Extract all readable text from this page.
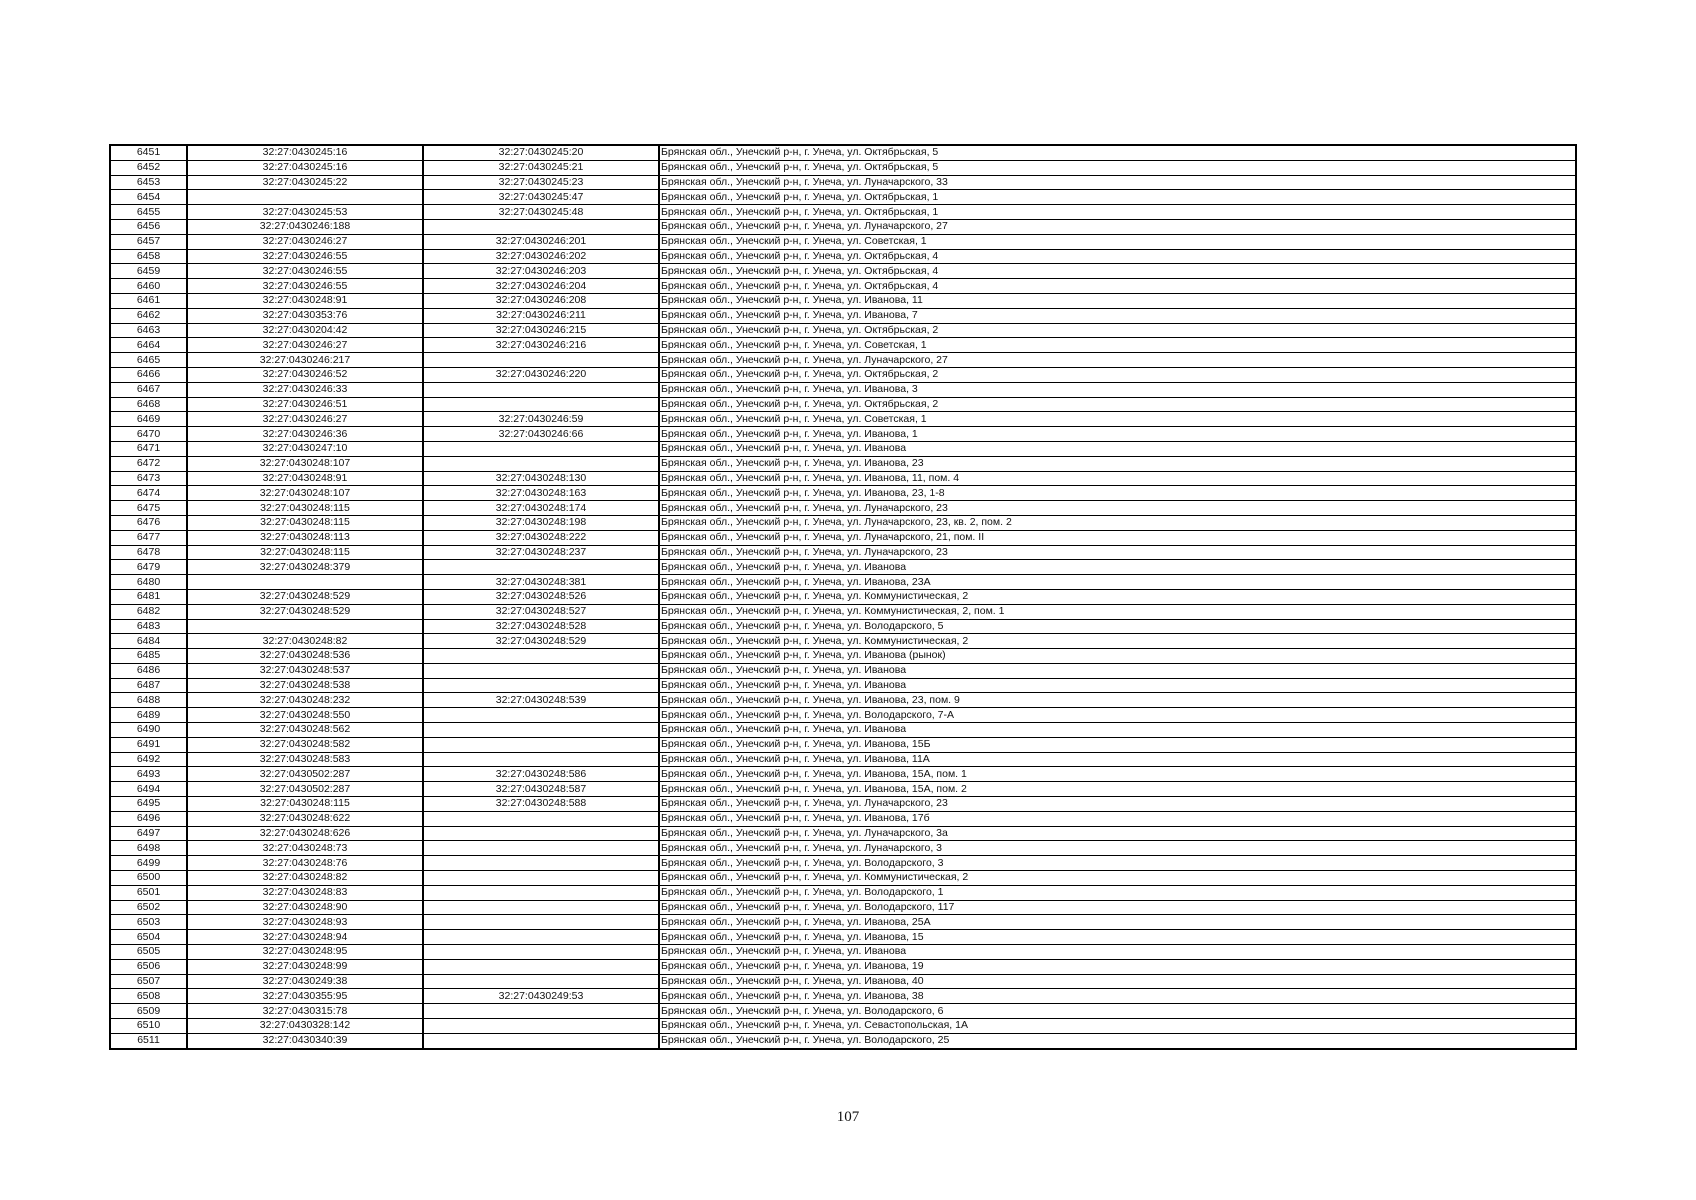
6451	32:27:0430245:16	32:27:0430245:20	Брянская обл., Унечский р-н, г. Унеча, ул. Октябрьская, 5
6452	32:27:0430245:16	32:27:0430245:21	Брянская обл., Унечский р-н, г. Унеча, ул. Октябрьская, 5
6453	32:27:0430245:22	32:27:0430245:23	Брянская обл., Унечский р-н, г. Унеча, ул. Луначарского, 33
6454		32:27:0430245:47	Брянская обл., Унечский р-н, г. Унеча, ул. Октябрьская, 1
6455	32:27:0430245:53	32:27:0430245:48	Брянская обл., Унечский р-н, г. Унеча, ул. Октябрьская, 1
6456	32:27:0430246:188		Брянская обл., Унечский р-н, г. Унеча, ул. Луначарского, 27
6457	32:27:0430246:27	32:27:0430246:201	Брянская обл., Унечский р-н, г. Унеча, ул. Советская, 1
6458	32:27:0430246:55	32:27:0430246:202	Брянская обл., Унечский р-н, г. Унеча, ул. Октябрьская, 4
6459	32:27:0430246:55	32:27:0430246:203	Брянская обл., Унечский р-н, г. Унеча, ул. Октябрьская, 4
6460	32:27:0430246:55	32:27:0430246:204	Брянская обл., Унечский р-н, г. Унеча, ул. Октябрьская, 4
6461	32:27:0430248:91	32:27:0430246:208	Брянская обл., Унечский р-н, г. Унеча, ул. Иванова, 11
6462	32:27:0430353:76	32:27:0430246:211	Брянская обл., Унечский р-н, г. Унеча, ул. Иванова, 7
6463	32:27:0430204:42	32:27:0430246:215	Брянская обл., Унечский р-н, г. Унеча, ул. Октябрьская, 2
6464	32:27:0430246:27	32:27:0430246:216	Брянская обл., Унечский р-н, г. Унеча, ул. Советская, 1
6465	32:27:0430246:217		Брянская обл., Унечский р-н, г. Унеча, ул. Луначарского, 27
6466	32:27:0430246:52	32:27:0430246:220	Брянская обл., Унечский р-н, г. Унеча, ул. Октябрьская, 2
6467	32:27:0430246:33		Брянская обл., Унечский р-н, г. Унеча, ул. Иванова, 3
6468	32:27:0430246:51		Брянская обл., Унечский р-н, г. Унеча, ул. Октябрьская, 2
6469	32:27:0430246:27	32:27:0430246:59	Брянская обл., Унечский р-н, г. Унеча, ул. Советская, 1
6470	32:27:0430246:36	32:27:0430246:66	Брянская обл., Унечский р-н, г. Унеча, ул. Иванова, 1
6471	32:27:0430247:10		Брянская обл., Унечский р-н, г. Унеча, ул. Иванова
6472	32:27:0430248:107		Брянская обл., Унечский р-н, г. Унеча, ул. Иванова, 23
6473	32:27:0430248:91	32:27:0430248:130	Брянская обл., Унечский р-н, г. Унеча, ул. Иванова, 11, пом. 4
6474	32:27:0430248:107	32:27:0430248:163	Брянская обл., Унечский р-н, г. Унеча, ул. Иванова, 23, 1-8
6475	32:27:0430248:115	32:27:0430248:174	Брянская обл., Унечский р-н, г. Унеча, ул. Луначарского, 23
6476	32:27:0430248:115	32:27:0430248:198	Брянская обл., Унечский р-н, г. Унеча, ул. Луначарского, 23, кв. 2, пом. 2
6477	32:27:0430248:113	32:27:0430248:222	Брянская обл., Унечский р-н, г. Унеча, ул. Луначарского, 21, пом. II
6478	32:27:0430248:115	32:27:0430248:237	Брянская обл., Унечский р-н, г. Унеча, ул. Луначарского, 23
6479	32:27:0430248:379		Брянская обл., Унечский р-н, г. Унеча, ул. Иванова
6480		32:27:0430248:381	Брянская обл., Унечский р-н, г. Унеча, ул. Иванова, 23А
6481	32:27:0430248:529	32:27:0430248:526	Брянская обл., Унечский р-н, г. Унеча, ул. Коммунистическая, 2
6482	32:27:0430248:529	32:27:0430248:527	Брянская обл., Унечский р-н, г. Унеча, ул. Коммунистическая, 2, пом. 1
6483		32:27:0430248:528	Брянская обл., Унечский р-н, г. Унеча, ул. Володарского, 5
6484	32:27:0430248:82	32:27:0430248:529	Брянская обл., Унечский р-н, г. Унеча, ул. Коммунистическая, 2
6485	32:27:0430248:536		Брянская обл., Унечский р-н, г. Унеча, ул. Иванова (рынок)
6486	32:27:0430248:537		Брянская обл., Унечский р-н, г. Унеча, ул. Иванова
6487	32:27:0430248:538		Брянская обл., Унечский р-н, г. Унеча, ул. Иванова
6488	32:27:0430248:232	32:27:0430248:539	Брянская обл., Унечский р-н, г. Унеча, ул. Иванова, 23, пом. 9
6489	32:27:0430248:550		Брянская обл., Унечский р-н, г. Унеча, ул. Володарского, 7-А
6490	32:27:0430248:562		Брянская обл., Унечский р-н, г. Унеча, ул. Иванова
6491	32:27:0430248:582		Брянская обл., Унечский р-н, г. Унеча, ул. Иванова, 15Б
6492	32:27:0430248:583		Брянская обл., Унечский р-н, г. Унеча, ул. Иванова, 11А
6493	32:27:0430502:287	32:27:0430248:586	Брянская обл., Унечский р-н, г. Унеча, ул. Иванова, 15А, пом. 1
6494	32:27:0430502:287	32:27:0430248:587	Брянская обл., Унечский р-н, г. Унеча, ул. Иванова, 15А, пом. 2
6495	32:27:0430248:115	32:27:0430248:588	Брянская обл., Унечский р-н, г. Унеча, ул. Луначарского, 23
6496	32:27:0430248:622		Брянская обл., Унечский р-н, г. Унеча, ул. Иванова, 17б
6497	32:27:0430248:626		Брянская обл., Унечский р-н, г. Унеча, ул. Луначарского, 3а
6498	32:27:0430248:73		Брянская обл., Унечский р-н, г. Унеча, ул. Луначарского, 3
6499	32:27:0430248:76		Брянская обл., Унечский р-н, г. Унеча, ул. Володарского, 3
6500	32:27:0430248:82		Брянская обл., Унечский р-н, г. Унеча, ул. Коммунистическая, 2
6501	32:27:0430248:83		Брянская обл., Унечский р-н, г. Унеча, ул. Володарского, 1
6502	32:27:0430248:90		Брянская обл., Унечский р-н, г. Унеча, ул. Володарского, 117
6503	32:27:0430248:93		Брянская обл., Унечский р-н, г. Унеча, ул. Иванова, 25А
6504	32:27:0430248:94		Брянская обл., Унечский р-н, г. Унеча, ул. Иванова, 15
6505	32:27:0430248:95		Брянская обл., Унечский р-н, г. Унеча, ул. Иванова
6506	32:27:0430248:99		Брянская обл., Унечский р-н, г. Унеча, ул. Иванова, 19
6507	32:27:0430249:38		Брянская обл., Унечский р-н, г. Унеча, ул. Иванова, 40
6508	32:27:0430355:95	32:27:0430249:53	Брянская обл., Унечский р-н, г. Унеча, ул. Иванова, 38
6509	32:27:0430315:78		Брянская обл., Унечский р-н, г. Унеча, ул. Володарского, 6
6510	32:27:0430328:142		Брянская обл., Унечский р-н, г. Унеча, ул. Севастопольская, 1А
6511	32:27:0430340:39		Брянская обл., Унечский р-н, г. Унеча, ул. Володарского, 25
107
